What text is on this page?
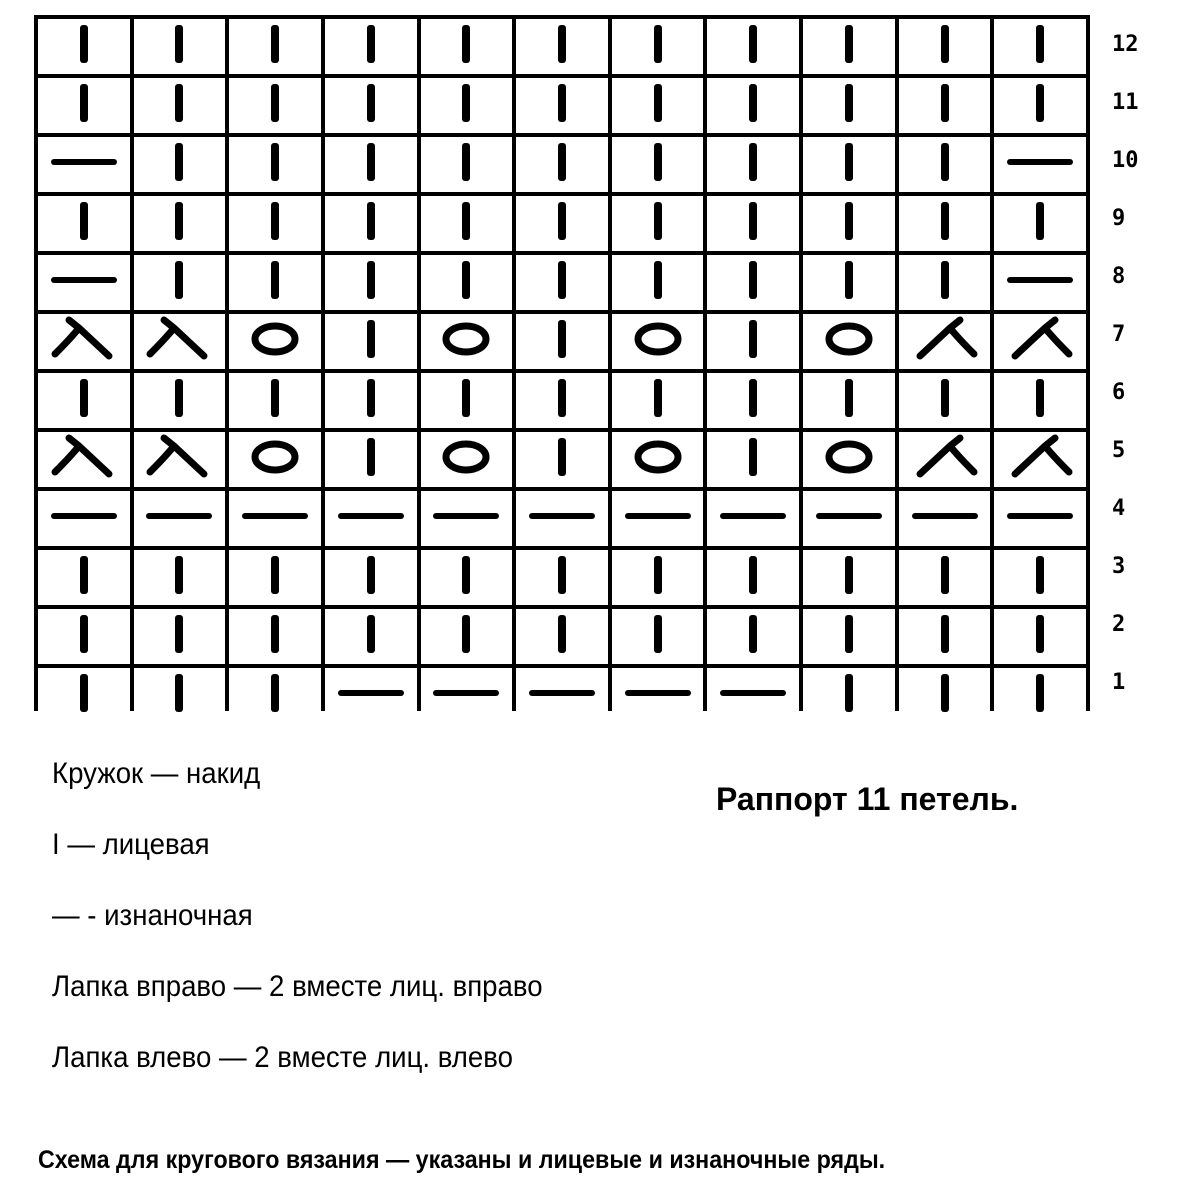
12
11
10
9
8
7
6
5
4
3
2
1
Кружок — накид
I — лицевая
— - изнаночная
Лапка вправо — 2 вместе лиц. вправо
Лапка влево — 2 вместе лиц. влево
Раппорт 11 петель.
Схема для кругового вязания — указаны и лицевые и изнаночные ряды.
